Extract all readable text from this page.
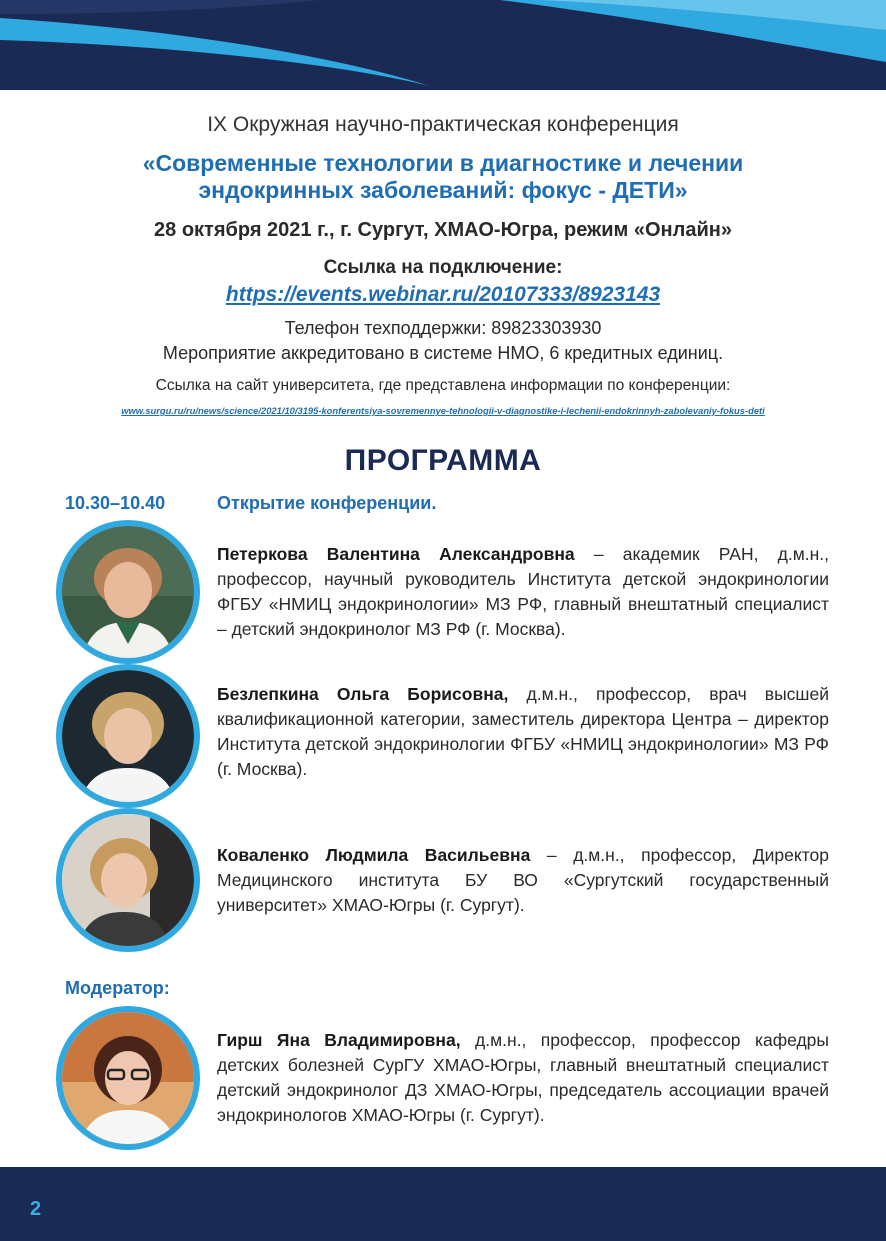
IX Окружная научно-практическая конференция
«Современные технологии в диагностике и лечении
эндокринных заболеваний: фокус - ДЕТИ»
28 октября 2021 г., г. Сургут, ХМАО-Югра, режим «Онлайн»
Ссылка на подключение:
https://events.webinar.ru/20107333/8923143
Телефон техподдержки: 89823303930
Мероприятие аккредитовано в системе НМО, 6 кредитных единиц.
Ссылка на сайт университета, где представлена информации по конференции:
www.surgu.ru/ru/news/science/2021/10/3195-konferentsiya-sovremennye-tehnologii-v-diagnostike-i-lechenii-endokrinnyh-zabolevaniy-fokus-deti
ПРОГРАММА
10.30–10.40	Открытие конференции.
Петеркова Валентина Александровна – академик РАН, д.м.н., профессор, научный руководитель Института детской эндокринологии ФГБУ «НМИЦ эндокринологии» МЗ РФ, главный внештатный специалист – детский эндокринолог МЗ РФ (г. Москва).
Безлепкина Ольга Борисовна, д.м.н., профессор, врач высшей квалификационной категории, заместитель директора Центра – директор Института детской эндокринологии ФГБУ «НМИЦ эндокринологии» МЗ РФ (г. Москва).
Коваленко Людмила Васильевна – д.м.н., профессор, Директор Медицинского института БУ ВО «Сургутский государственный университет» ХМАО-Югры (г. Сургут).
Модератор:
Гирш Яна Владимировна, д.м.н., профессор, профессор кафедры детских болезней СурГУ ХМАО-Югры, главный внештатный специалист детский эндокринолог ДЗ ХМАО-Югры, председатель ассоциации врачей эндокринологов ХМАО-Югры (г. Сургут).
2
